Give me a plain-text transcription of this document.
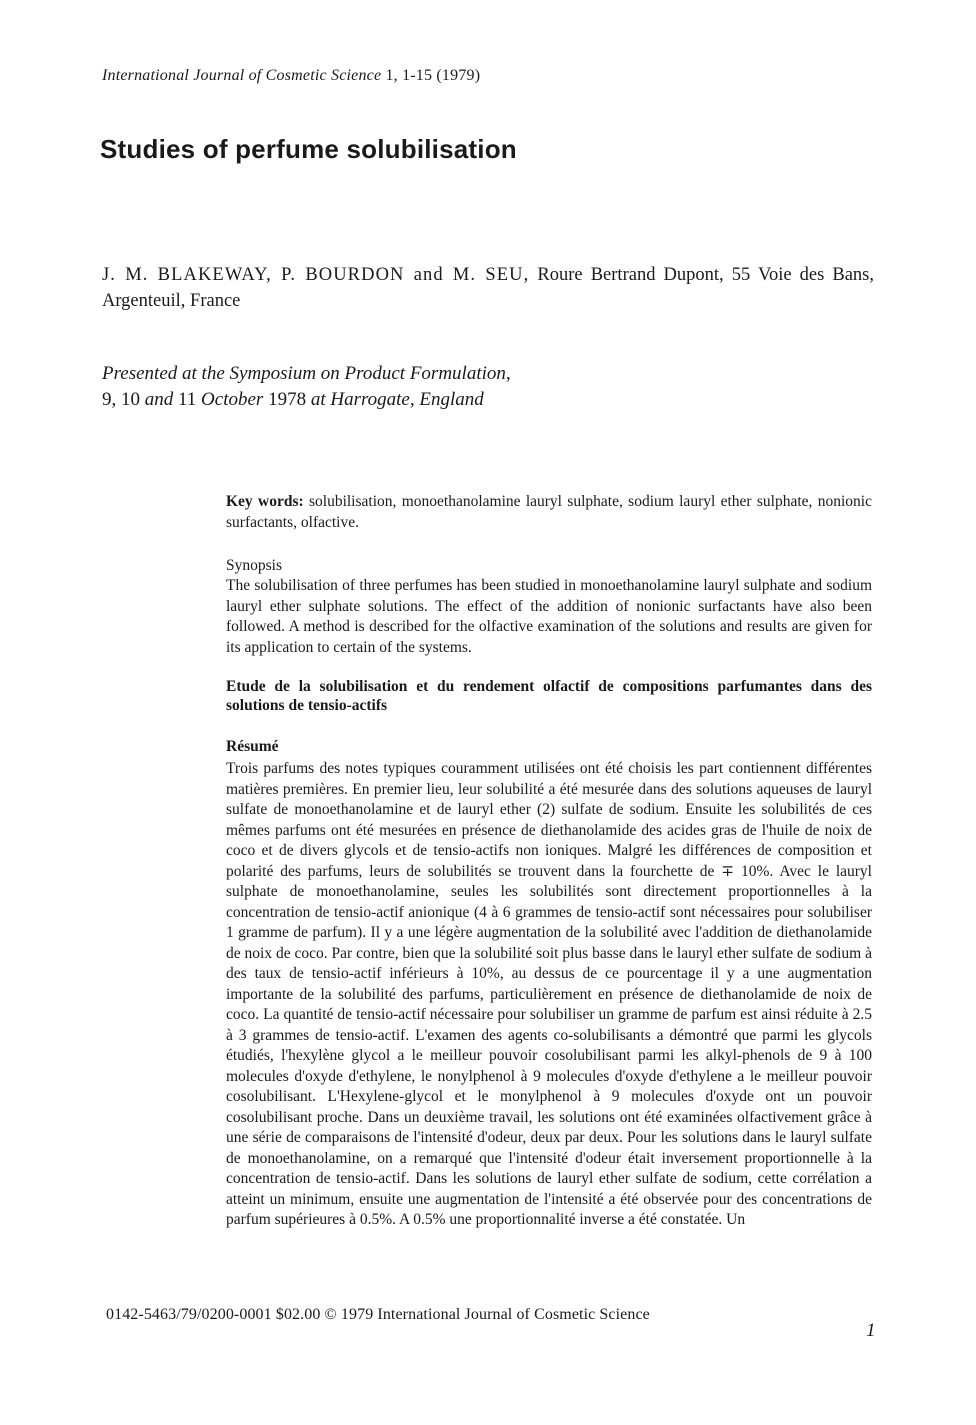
International Journal of Cosmetic Science 1, 1-15 (1979)
Studies of perfume solubilisation
J. M. BLAKEWAY, P. BOURDON and M. SEU, Roure Bertrand Dupont, 55 Voie des Bans, Argenteuil, France
Presented at the Symposium on Product Formulation,
9, 10 and 11 October 1978 at Harrogate, England
Key words: solubilisation, monoethanolamine lauryl sulphate, sodium lauryl ether sulphate, nonionic surfactants, olfactive.
Synopsis
The solubilisation of three perfumes has been studied in monoethanolamine lauryl sulphate and sodium lauryl ether sulphate solutions. The effect of the addition of nonionic surfactants have also been followed. A method is described for the olfactive examination of the solutions and results are given for its application to certain of the systems.
Etude de la solubilisation et du rendement olfactif de compositions parfumantes dans des solutions de tensio-actifs
Résumé
Trois parfums des notes typiques couramment utilisées ont été choisis les part contiennent différentes matières premières. En premier lieu, leur solubilité a été mesurée dans des solutions aqueuses de lauryl sulfate de monoethanolamine et de lauryl ether (2) sulfate de sodium. Ensuite les solubilités de ces mêmes parfums ont été mesurées en présence de diethanolamide des acides gras de l'huile de noix de coco et de divers glycols et de tensio-actifs non ioniques. Malgré les différences de composition et polarité des parfums, leurs de solubilités se trouvent dans la fourchette de ∓ 10%. Avec le lauryl sulphate de monoethanolamine, seules les solubilités sont directement proportionnelles à la concentration de tensio-actif anionique (4 à 6 grammes de tensio-actif sont nécessaires pour solubiliser 1 gramme de parfum). Il y a une légère augmentation de la solubilité avec l'addition de diethanolamide de noix de coco. Par contre, bien que la solubilité soit plus basse dans le lauryl ether sulfate de sodium à des taux de tensio-actif inférieurs à 10%, au dessus de ce pourcentage il y a une augmentation importante de la solubilité des parfums, particulièrement en présence de diethanolamide de noix de coco. La quantité de tensio-actif nécessaire pour solubiliser un gramme de parfum est ainsi réduite à 2.5 à 3 grammes de tensio-actif. L'examen des agents co-solubilisants a démontré que parmi les glycols étudiés, l'hexylène glycol a le meilleur pouvoir cosolubilisant parmi les alkyl-phenols de 9 à 100 molecules d'oxyde d'ethylene, le nonylphenol à 9 molecules d'oxyde d'ethylene a le meilleur pouvoir cosolubilisant. L'Hexylene-glycol et le monylphenol à 9 molecules d'oxyde ont un pouvoir cosolubilisant proche. Dans un deuxième travail, les solutions ont été examinées olfactivement grâce à une série de comparaisons de l'intensité d'odeur, deux par deux. Pour les solutions dans le lauryl sulfate de monoethanolamine, on a remarqué que l'intensité d'odeur était inversement proportionnelle à la concentration de tensio-actif. Dans les solutions de lauryl ether sulfate de sodium, cette corrélation a atteint un minimum, ensuite une augmentation de l'intensité a été observée pour des concentrations de parfum supérieures à 0.5%. A 0.5% une proportionnalité inverse a été constatée. Un
0142-5463/79/0200-0001 $02.00 © 1979 International Journal of Cosmetic Science
1
